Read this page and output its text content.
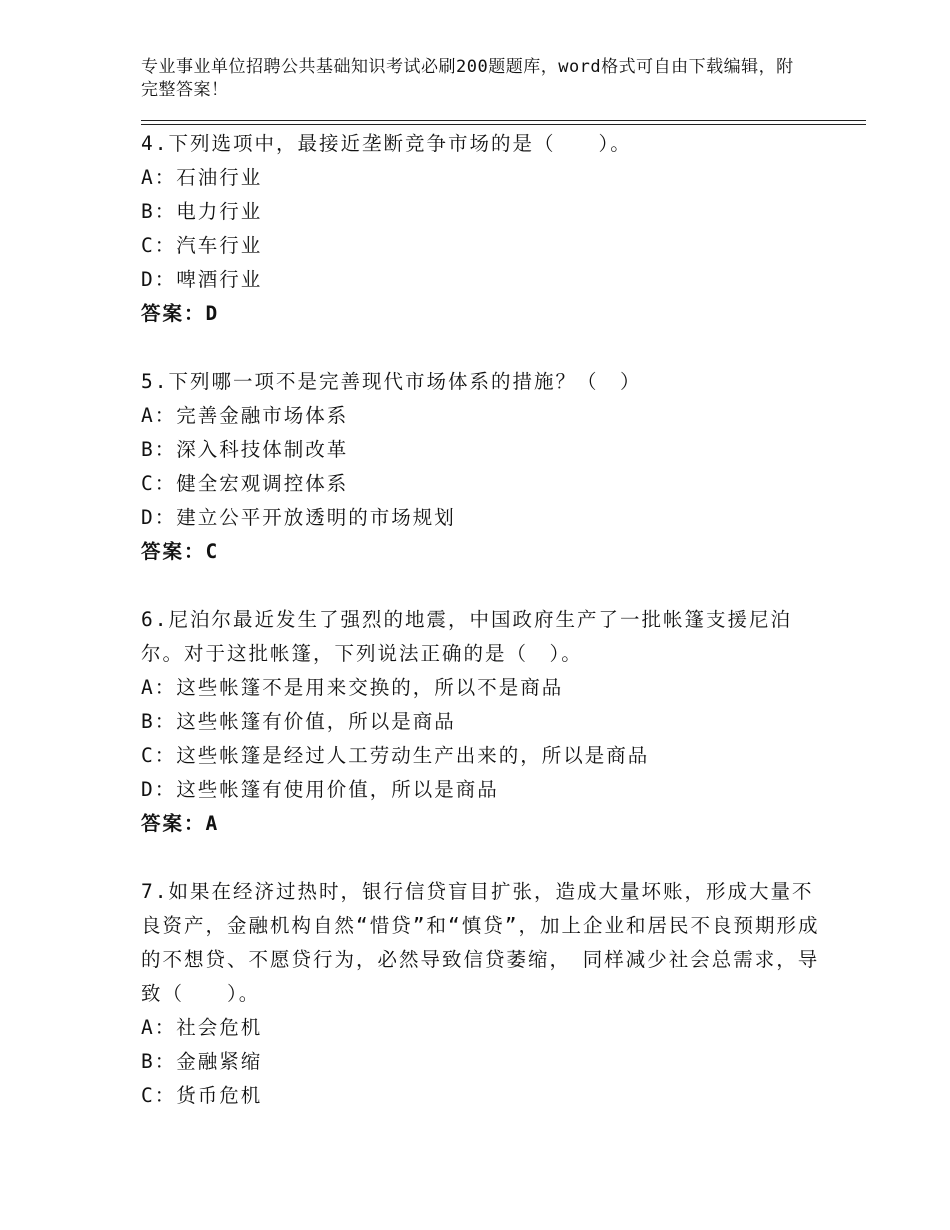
专业事业单位招聘公共基础知识考试必刷200题题库，word格式可自由下载编辑，附完整答案！

4.下列选项中，最接近垄断竞争市场的是（　　）。

A：石油行业

B：电力行业

C：汽车行业

D：啤酒行业

答案：D

5.下列哪一项不是完善现代市场体系的措施？（　）

A：完善金融市场体系

B：深入科技体制改革

C：健全宏观调控体系

D：建立公平开放透明的市场规划

答案：C

6.尼泊尔最近发生了强烈的地震，中国政府生产了一批帐篷支援尼泊尔。对于这批帐篷，下列说法正确的是（　）。

A：这些帐篷不是用来交换的，所以不是商品

B：这些帐篷有价值，所以是商品

C：这些帐篷是经过人工劳动生产出来的，所以是商品

D：这些帐篷有使用价值，所以是商品

答案：A

7.如果在经济过热时，银行信贷盲目扩张，造成大量坏账，形成大量不良资产，金融机构自然“惜贷”和“慎贷”，加上企业和居民不良预期形成的不想贷、不愿贷行为，必然导致信贷萎缩，　同样减少社会总需求，导致（　　）。

A：社会危机

B：金融紧缩

C：货币危机
